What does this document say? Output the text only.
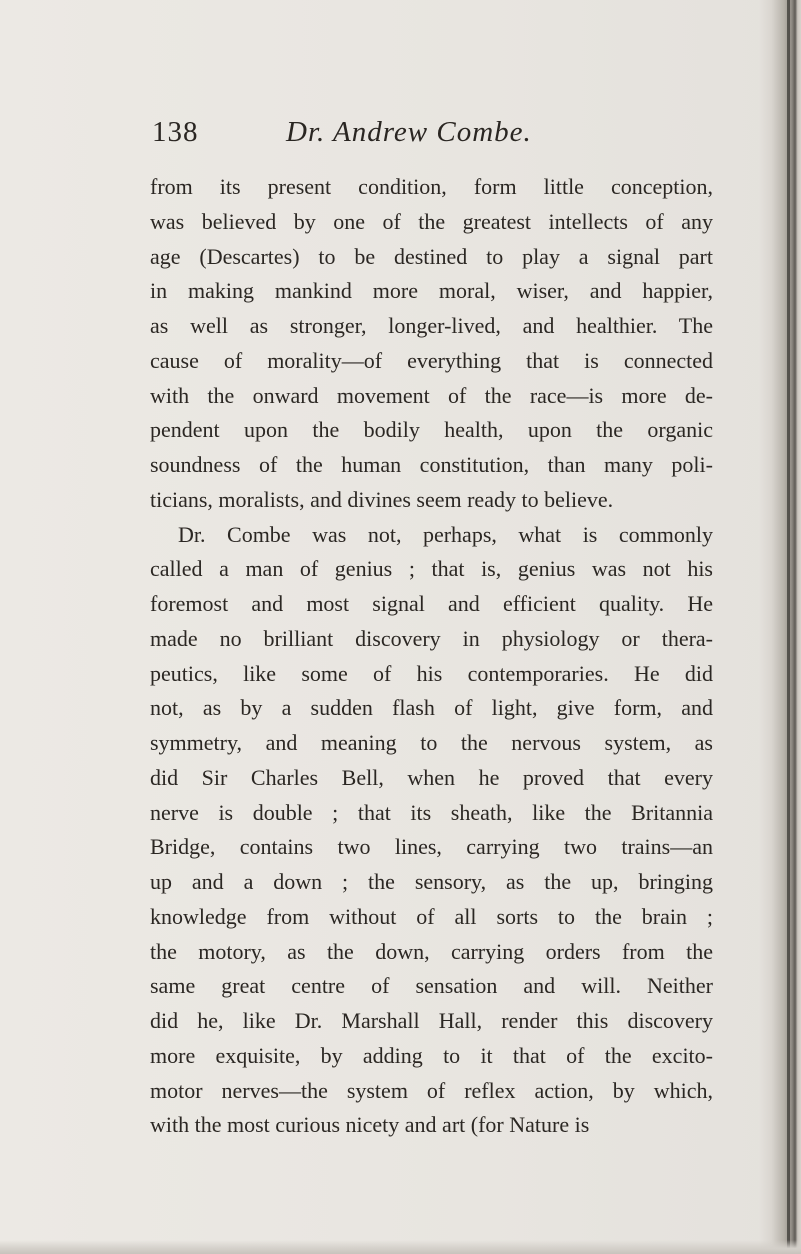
138	Dr. Andrew Combe.
from its present condition, form little conception,
was believed by one of the greatest intellects of any
age (Descartes) to be destined to play a signal part
in making mankind more moral, wiser, and happier,
as well as stronger, longer-lived, and healthier. The
cause of morality—of everything that is connected
with the onward movement of the race—is more de-
pendent upon the bodily health, upon the organic
soundness of the human constitution, than many poli-
ticians, moralists, and divines seem ready to believe.
Dr. Combe was not, perhaps, what is commonly
called a man of genius ; that is, genius was not his
foremost and most signal and efficient quality. He
made no brilliant discovery in physiology or thera-
peutics, like some of his contemporaries. He did
not, as by a sudden flash of light, give form, and
symmetry, and meaning to the nervous system, as
did Sir Charles Bell, when he proved that every
nerve is double ; that its sheath, like the Britannia
Bridge, contains two lines, carrying two trains—an
up and a down ; the sensory, as the up, bringing
knowledge from without of all sorts to the brain ;
the motory, as the down, carrying orders from the
same great centre of sensation and will. Neither
did he, like Dr. Marshall Hall, render this discovery
more exquisite, by adding to it that of the excito-
motor nerves—the system of reflex action, by which,
with the most curious nicety and art (for Nature is
